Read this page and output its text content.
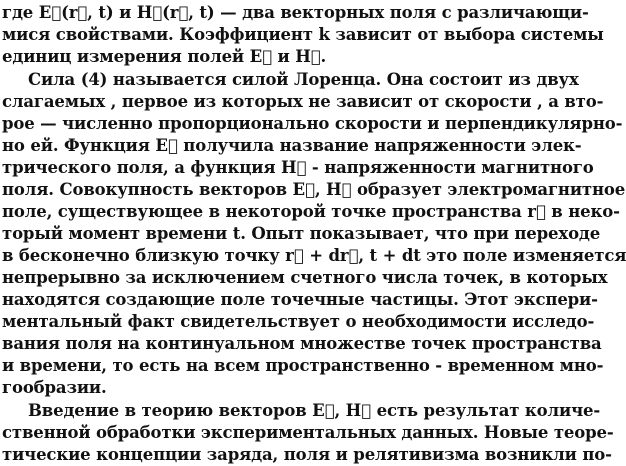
где E⃗(r⃗, t) и H⃗(r⃗, t) — два векторных поля с различающи-
мися свойствами. Коэффициент k зависит от выбора системы
единиц измерения полей E⃗ и H⃗.
Сила (4) называется силой Лоренца. Она состоит из двух
слагаемых , первое из которых не зависит от скорости , а вто-
рое — численно пропорционально скорости и перпендикулярно-
но ей. Функция E⃗ получила название напряженности элек-
трического поля, а функция H⃗ - напряженности магнитного
поля. Совокупность векторов E⃗, H⃗ образует электромагнитное
поле, существующее в некоторой точке пространства r⃗ в неко-
торый момент времени t. Опыт показывает, что при переходе
в бесконечно близкую точку r⃗ + dr⃗, t + dt это поле изменяется
непрерывно за исключением счетного числа точек, в которых
находятся создающие поле точечные частицы. Этот экспери-
ментальный факт свидетельствует о необходимости исследо-
вания поля на континуальном множестве точек пространства
и времени, то есть на всем пространственно - временном мно-
гообразии.
Введение в теорию векторов E⃗, H⃗ есть результат количе-
ственной обработки экспериментальных данных. Новые теоре-
тические концепции заряда, поля и релятивизма возникли по-
